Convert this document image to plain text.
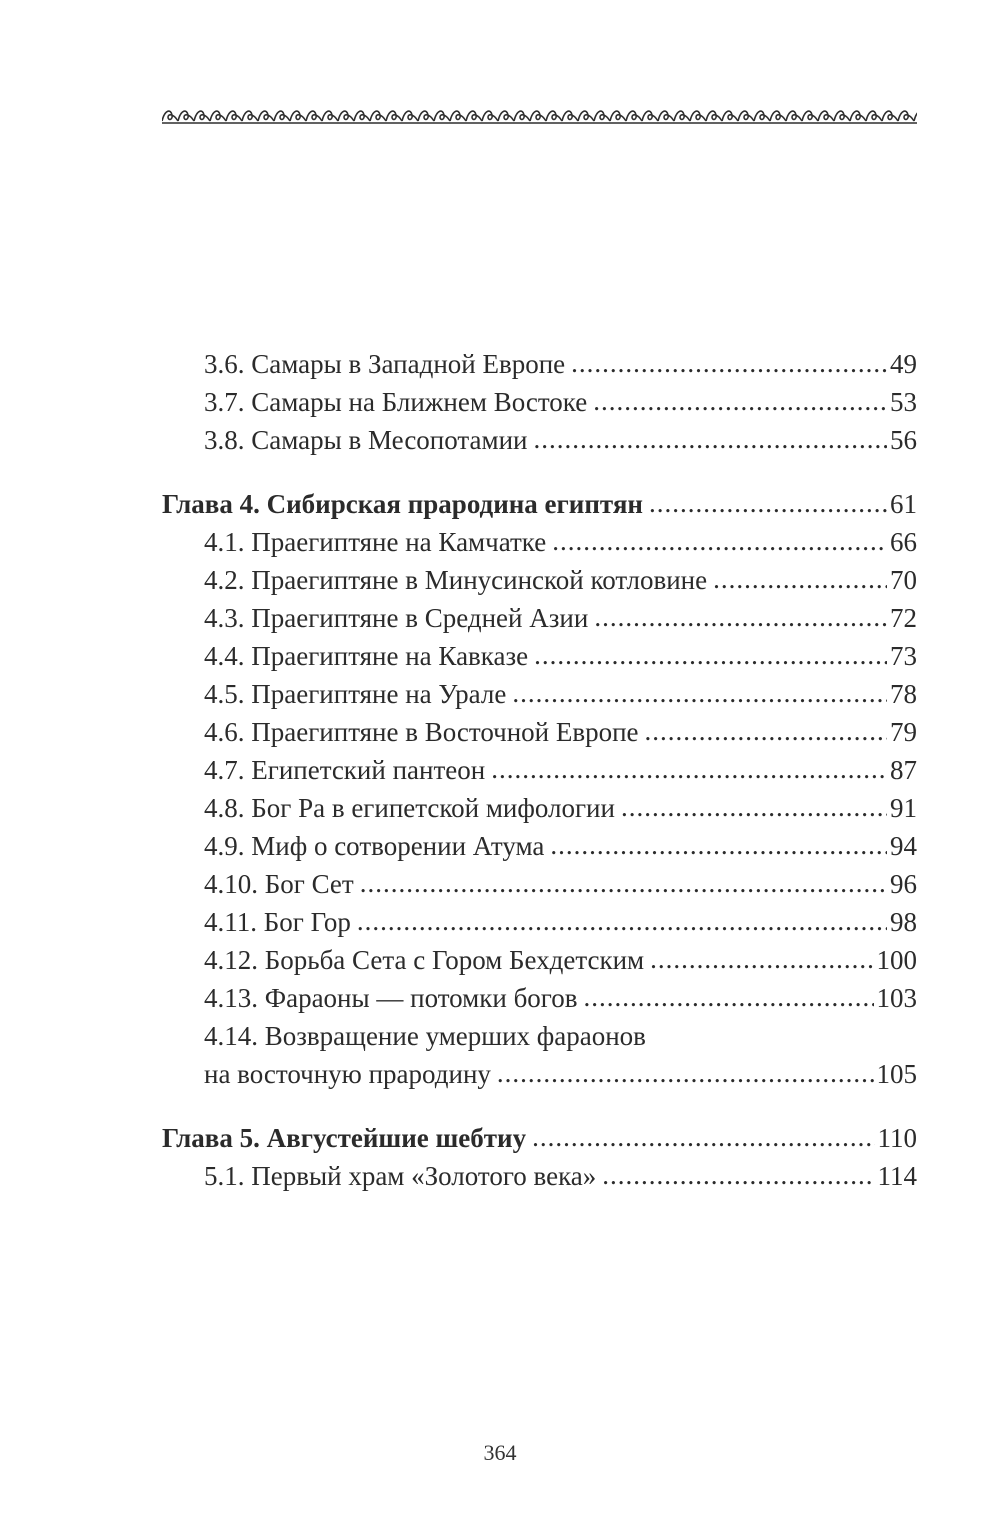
3.6. Самары в Западной Европе .....	49
3.7. Самары на Ближнем Востоке .....	53
3.8. Самары в Месопотамии .....	56
Глава 4. Сибирская прародина египтян .....	61
4.1. Праегиптяне на Камчатке .....	66
4.2. Праегиптяне в Минусинской котловине .....	70
4.3. Праегиптяне в Средней Азии .....	72
4.4. Праегиптяне на Кавказе .....	73
4.5. Праегиптяне на Урале .....	78
4.6. Праегиптяне в Восточной Европе .....	79
4.7. Египетский пантеон .....	87
4.8. Бог Ра в египетской мифологии .....	91
4.9. Миф о сотворении Атума .....	94
4.10. Бог Сет .....	96
4.11. Бог Гор .....	98
4.12. Борьба Сета с Гором Бехдетским .....	100
4.13. Фараоны — потомки богов .....	103
4.14. Возвращение умерших фараонов
на восточную прародину .....	105
Глава 5. Августейшие шебтиу .....	110
5.1. Первый храм «Золотого века» .....	114
364
